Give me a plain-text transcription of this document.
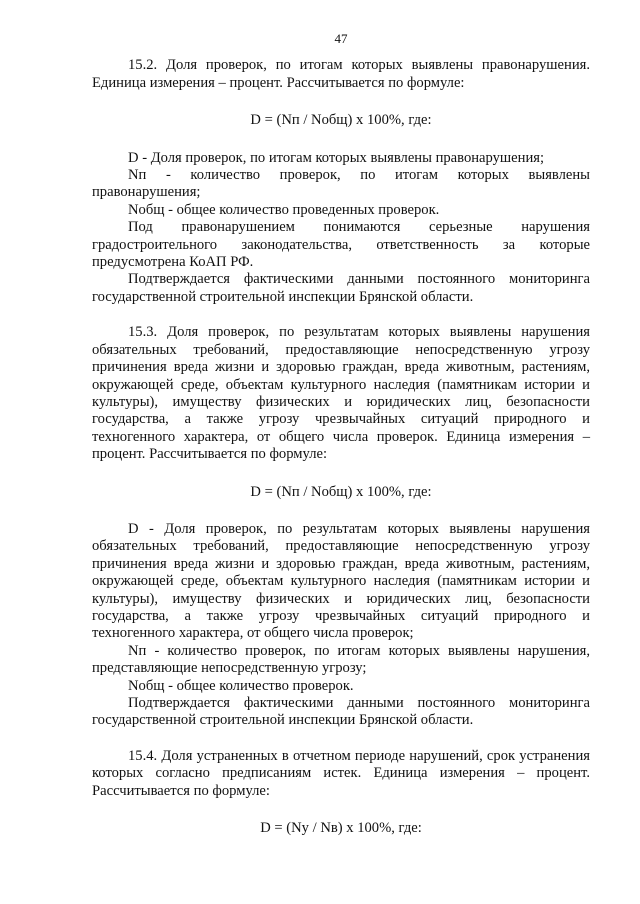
47

15.2. Доля проверок, по итогам которых выявлены правонарушения. Единица измерения – процент. Рассчитывается по формуле:

D = (Nп / Nобщ) x 100%, где:

D - Доля проверок, по итогам которых выявлены правонарушения;

Nп - количество проверок, по итогам которых выявлены правонарушения;

Nобщ - общее количество проведенных проверок.

Под правонарушением понимаются серьезные нарушения градостроительного законодательства, ответственность за которые предусмотрена КоАП РФ.

Подтверждается фактическими данными постоянного мониторинга государственной строительной инспекции Брянской области.

15.3. Доля проверок, по результатам которых выявлены нарушения обязательных требований, предоставляющие непосредственную угрозу причинения вреда жизни и здоровью граждан, вреда животным, растениям, окружающей среде, объектам культурного наследия (памятникам истории и культуры), имуществу физических и юридических лиц, безопасности государства, а также угрозу чрезвычайных ситуаций природного и техногенного характера, от общего числа проверок. Единица измерения – процент. Рассчитывается по формуле:

D = (Nп / Nобщ) x 100%, где:

D - Доля проверок, по результатам которых выявлены нарушения обязательных требований, предоставляющие непосредственную угрозу причинения вреда жизни и здоровью граждан, вреда животным, растениям, окружающей среде, объектам культурного наследия (памятникам истории и культуры), имуществу физических и юридических лиц, безопасности государства, а также угрозу чрезвычайных ситуаций природного и техногенного характера, от общего числа проверок;

Nп - количество проверок, по итогам которых выявлены нарушения, представляющие непосредственную угрозу;

Nобщ - общее количество проверок.

Подтверждается фактическими данными постоянного мониторинга государственной строительной инспекции Брянской области.

15.4. Доля устраненных в отчетном периоде нарушений, срок устранения которых согласно предписаниям истек. Единица измерения – процент. Рассчитывается по формуле:

D = (Nу / Nв) x 100%, где:
